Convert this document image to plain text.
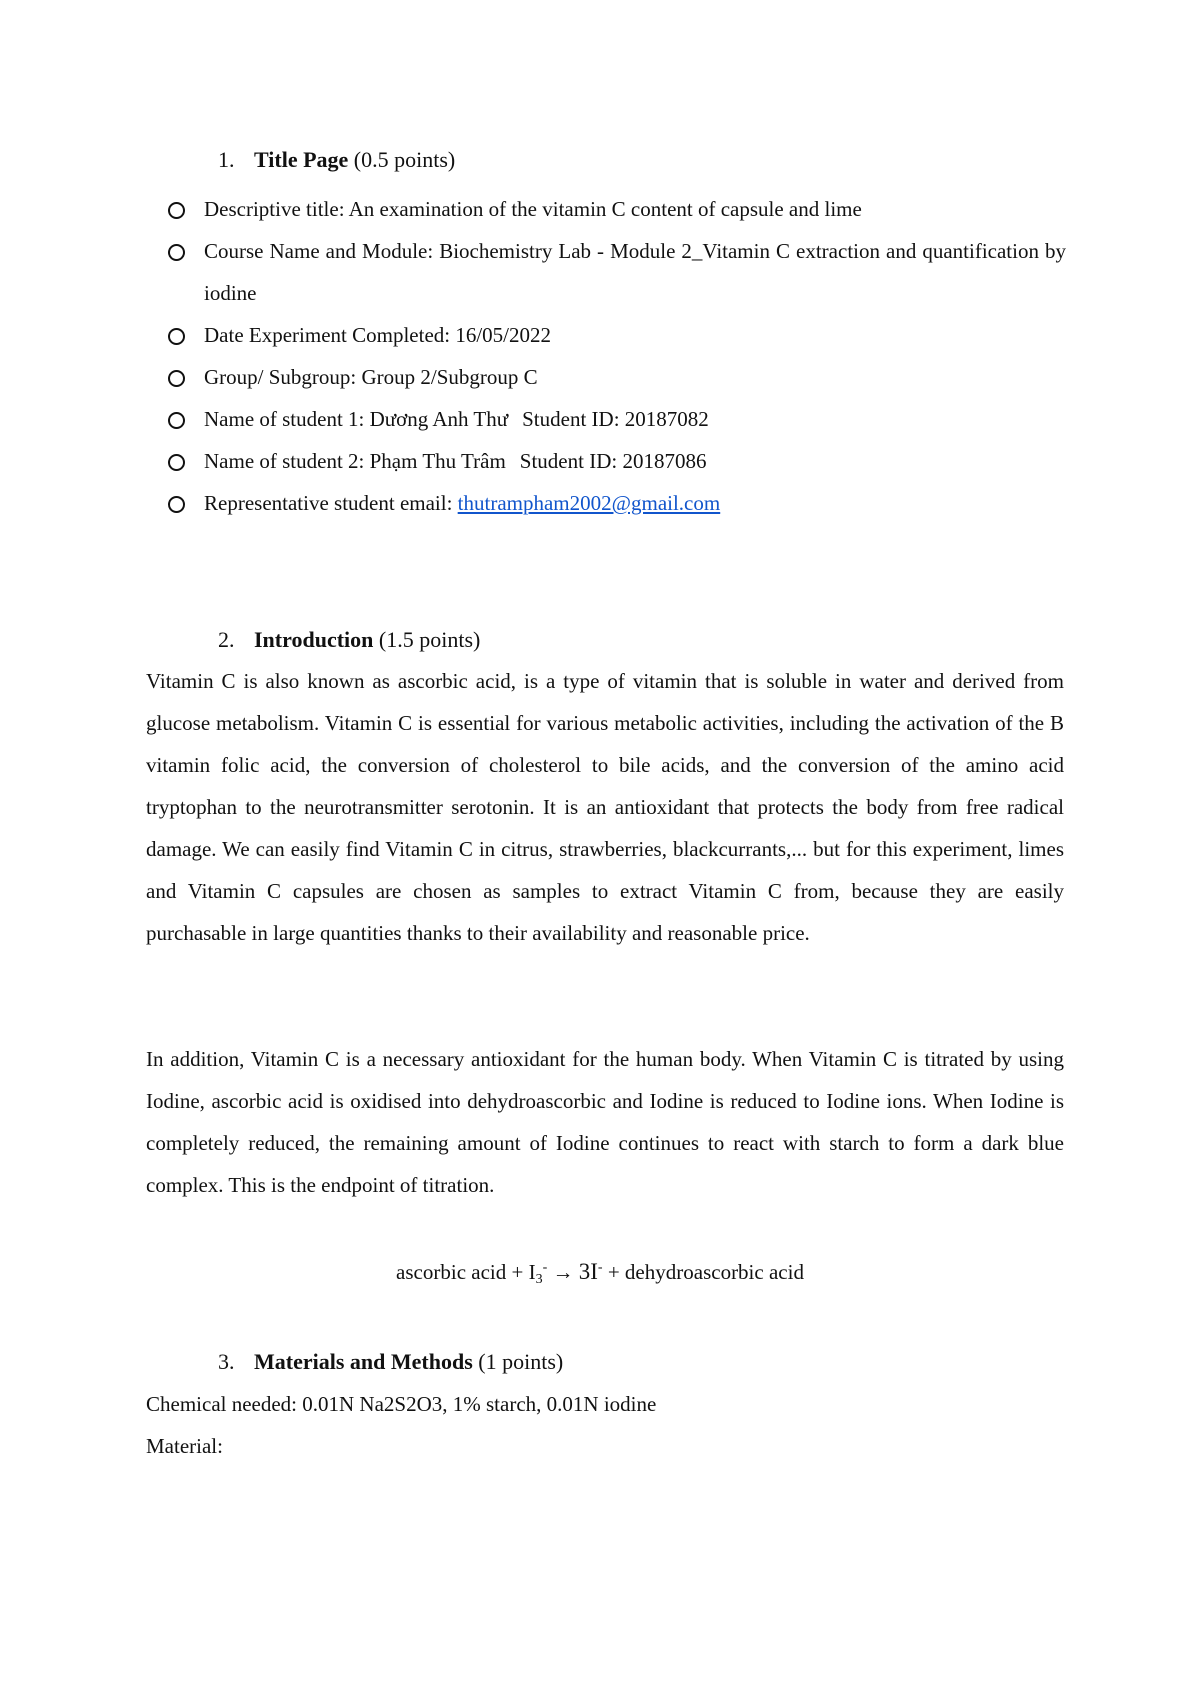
1. Title Page (0.5 points)
Descriptive title: An examination of the vitamin C content of capsule and lime
Course Name and Module: Biochemistry Lab - Module 2_Vitamin C extraction and quantification by iodine
Date Experiment Completed: 16/05/2022
Group/ Subgroup: Group 2/Subgroup C
Name of student 1: Dương Anh Thư Student ID: 20187082
Name of student 2: Phạm Thu Trâm Student ID: 20187086
Representative student email: thutrampham2002@gmail.com
2. Introduction (1.5 points)

Vitamin C is also known as ascorbic acid, is a type of vitamin that is soluble in water and derived from glucose metabolism. Vitamin C is essential for various metabolic activities, including the activation of the B vitamin folic acid, the conversion of cholesterol to bile acids, and the conversion of the amino acid tryptophan to the neurotransmitter serotonin. It is an antioxidant that protects the body from free radical damage. We can easily find Vitamin C in citrus, strawberries, blackcurrants,... but for this experiment, limes and Vitamin C capsules are chosen as samples to extract Vitamin C from, because they are easily purchasable in large quantities thanks to their availability and reasonable price.

In addition, Vitamin C is a necessary antioxidant for the human body. When Vitamin C is titrated by using Iodine, ascorbic acid is oxidised into dehydroascorbic and Iodine is reduced to Iodine ions. When Iodine is completely reduced, the remaining amount of Iodine continues to react with starch to form a dark blue complex. This is the endpoint of titration.

ascorbic acid + $I_3^- \to 3I^-$ + dehydroascorbic acid
3. Materials and Methods (1 points)
Chemical needed: 0.01N Na2S2O3, 1% starch, 0.01N iodine
Material:
